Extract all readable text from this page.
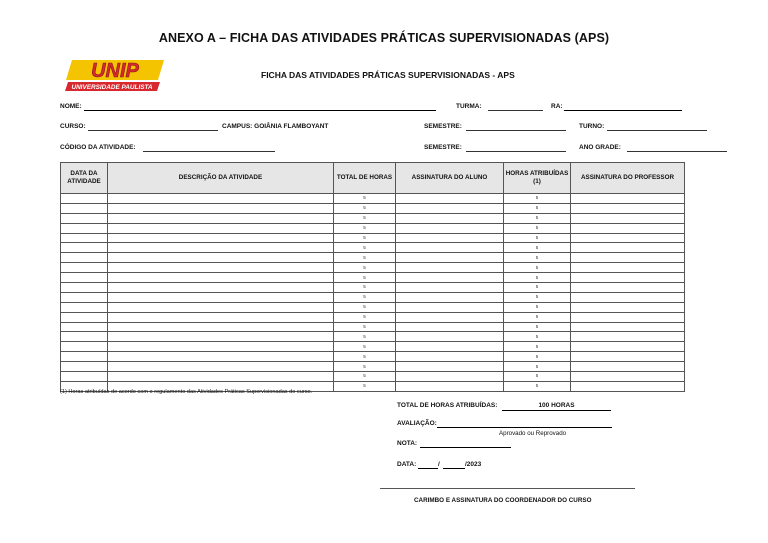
ANEXO A – FICHA DAS ATIVIDADES PRÁTICAS SUPERVISIONADAS (APS)
UNIP
UNIVERSIDADE PAULISTA
FICHA DAS ATIVIDADES PRÁTICAS SUPERVISIONADAS - APS
NOME:	TURMA:	RA:
CURSO:	CAMPUS: GOIÂNIA FLAMBOYANT	SEMESTRE:	TURNO:
CÓDIGO DA ATIVIDADE:	SEMESTRE:	ANO GRADE:
DATA DA ATIVIDADE	DESCRIÇÃO DA ATIVIDADE	TOTAL DE HORAS	ASSINATURA DO ALUNO	HORAS ATRIBUÍDAS (1)	ASSINATURA DO PROFESSOR
		5		5	
		5		5	
		5		5	
		5		5	
		5		5	
		5		5	
		5		5	
		5		5	
		5		5	
		5		5	
		5		5	
		5		5	
		5		5	
		5		5	
		5		5	
		5		5	
		5		5	
		5		5	
		5		5	
		5		5	
(1) Horas atribuídas de acordo com o regulamento das Atividades Práticas Supervisionadas do curso.
TOTAL DE HORAS ATRIBUÍDAS:	100 HORAS
AVALIAÇÃO:
Aprovado ou Reprovado
NOTA:
DATA:	/	/2023
CARIMBO E ASSINATURA DO COORDENADOR DO CURSO
